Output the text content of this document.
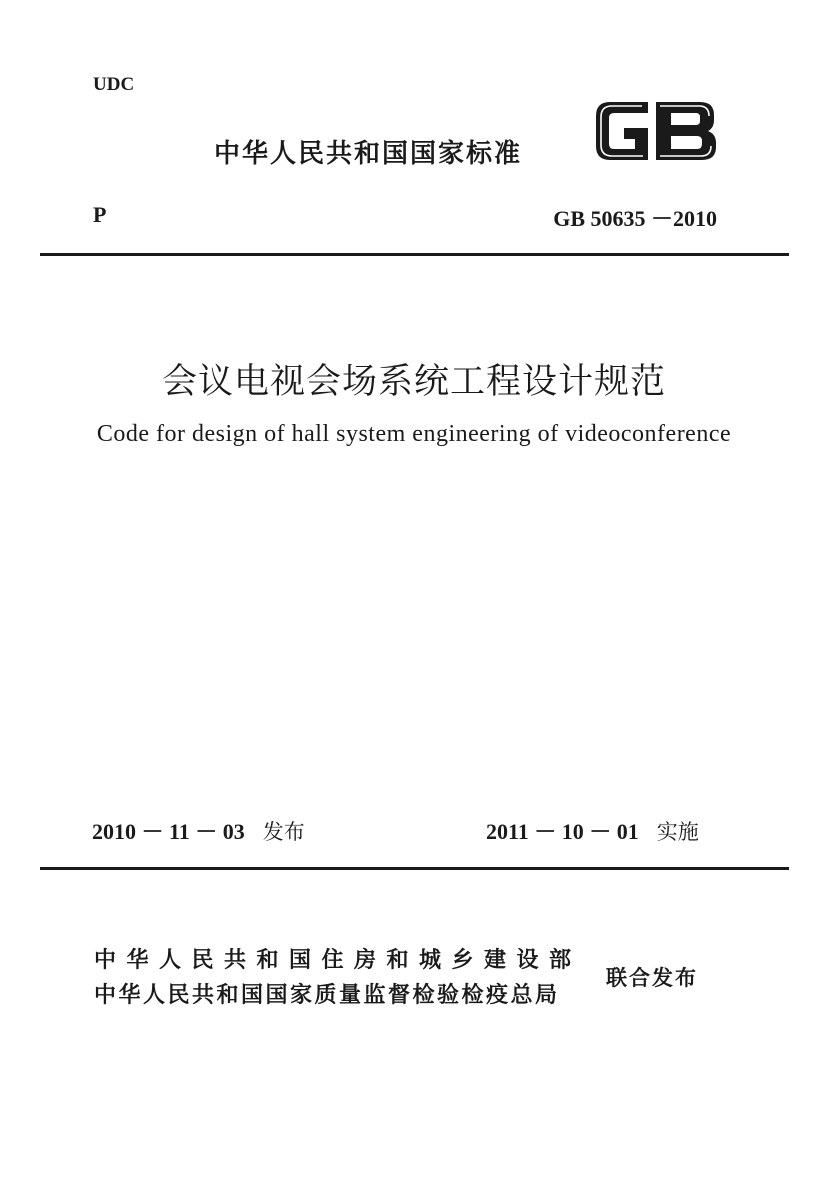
UDC
中华人民共和国国家标准
P	GB 50635 －2010
会议电视会场系统工程设计规范
Code for design of hall system engineering of videoconference
2010 － 11 － 03 发布	2011 － 10 － 01 实施
中华人民共和国住房和城乡建设部
中华人民共和国国家质量监督检验检疫总局
联合发布
